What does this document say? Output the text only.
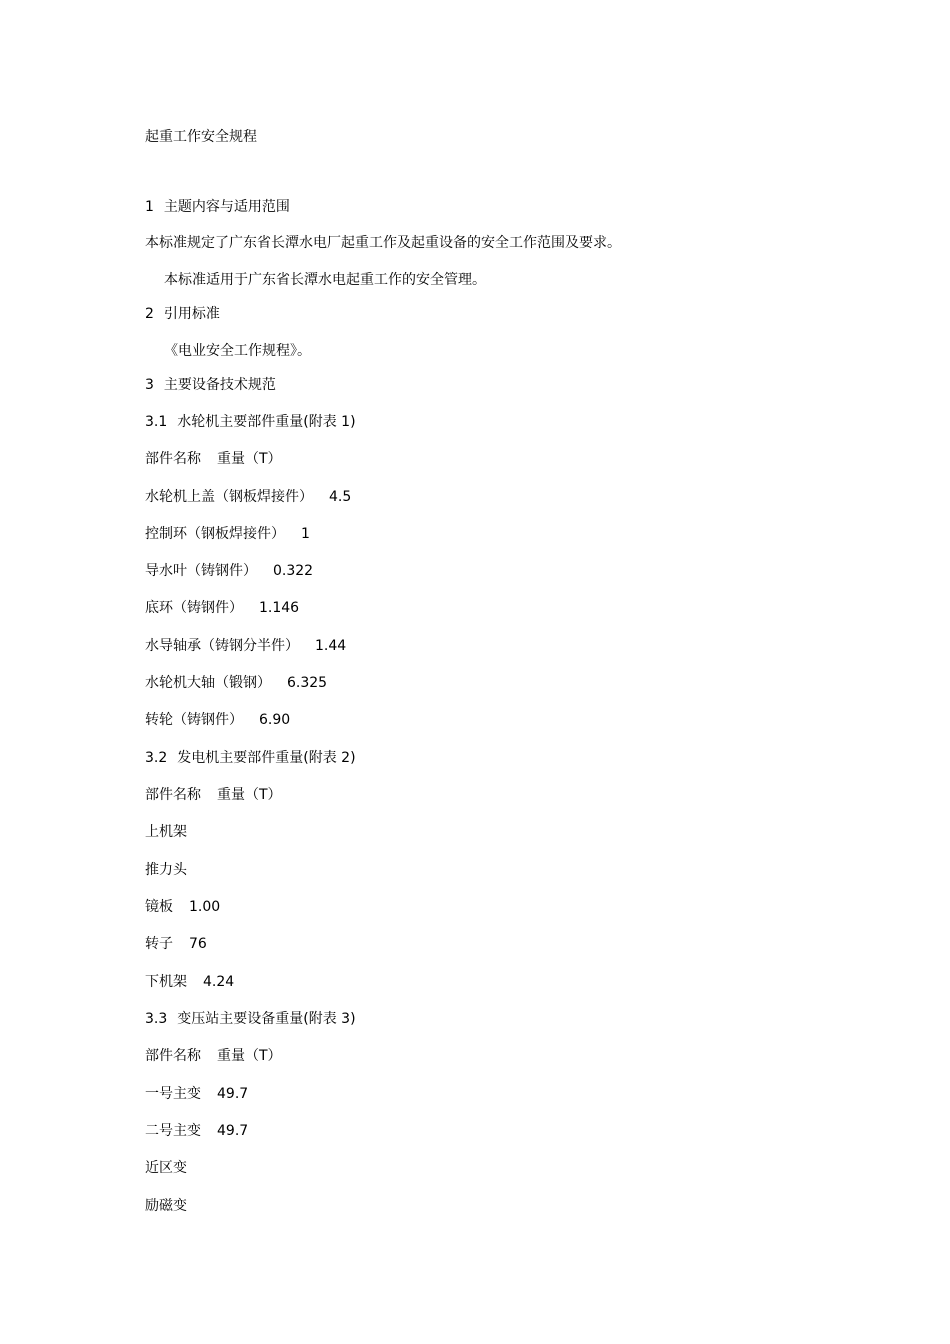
起重工作安全规程
1 主题内容与适用范围
本标准规定了广东省长潭水电厂起重工作及起重设备的安全工作范围及要求。
本标准适用于广东省长潭水电起重工作的安全管理。
2 引用标准
《电业安全工作规程》。
3 主要设备技术规范
3.1 水轮机主要部件重量(附表 1)
部件名称 重量（T）
水轮机上盖（钢板焊接件） 4.5
控制环（钢板焊接件） 1
导水叶（铸钢件） 0.322
底环（铸钢件） 1.146
水导轴承（铸钢分半件） 1.44
水轮机大轴（锻钢） 6.325
转轮（铸钢件） 6.90
3.2 发电机主要部件重量(附表 2)
部件名称 重量（T）
上机架
推力头
镜板 1.00
转子 76
下机架 4.24
3.3 变压站主要设备重量(附表 3)
部件名称 重量（T）
一号主变 49.7
二号主变 49.7
近区变
励磁变
